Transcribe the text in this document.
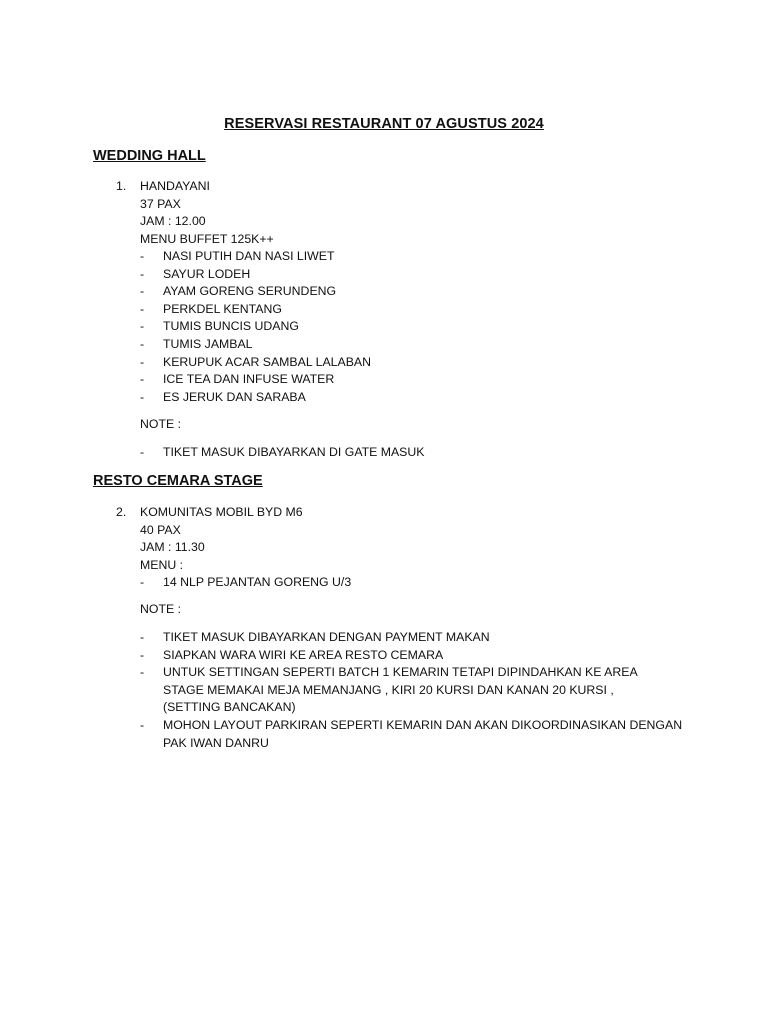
RESERVASI RESTAURANT 07 AGUSTUS 2024
WEDDING HALL
1. HANDAYANI
37 PAX
JAM : 12.00
MENU BUFFET 125K++
- NASI PUTIH DAN NASI LIWET
- SAYUR LODEH
- AYAM GORENG SERUNDENG
- PERKDEL KENTANG
- TUMIS BUNCIS UDANG
- TUMIS JAMBAL
- KERUPUK ACAR SAMBAL LALABAN
- ICE TEA DAN INFUSE WATER
- ES JERUK DAN SARABA
NOTE :
- TIKET MASUK DIBAYARKAN DI GATE MASUK
RESTO CEMARA STAGE
2. KOMUNITAS MOBIL BYD M6
40 PAX
JAM : 11.30
MENU :
- 14 NLP PEJANTAN GORENG U/3
NOTE :
- TIKET MASUK DIBAYARKAN DENGAN PAYMENT MAKAN
- SIAPKAN WARA WIRI KE AREA RESTO CEMARA
- UNTUK SETTINGAN SEPERTI BATCH 1 KEMARIN TETAPI DIPINDAHKAN KE AREA STAGE MEMAKAI MEJA MEMANJANG , KIRI 20 KURSI DAN KANAN 20 KURSI , (SETTING BANCAKAN)
- MOHON LAYOUT PARKIRAN SEPERTI KEMARIN DAN AKAN DIKOORDINASIKAN DENGAN PAK IWAN DANRU
